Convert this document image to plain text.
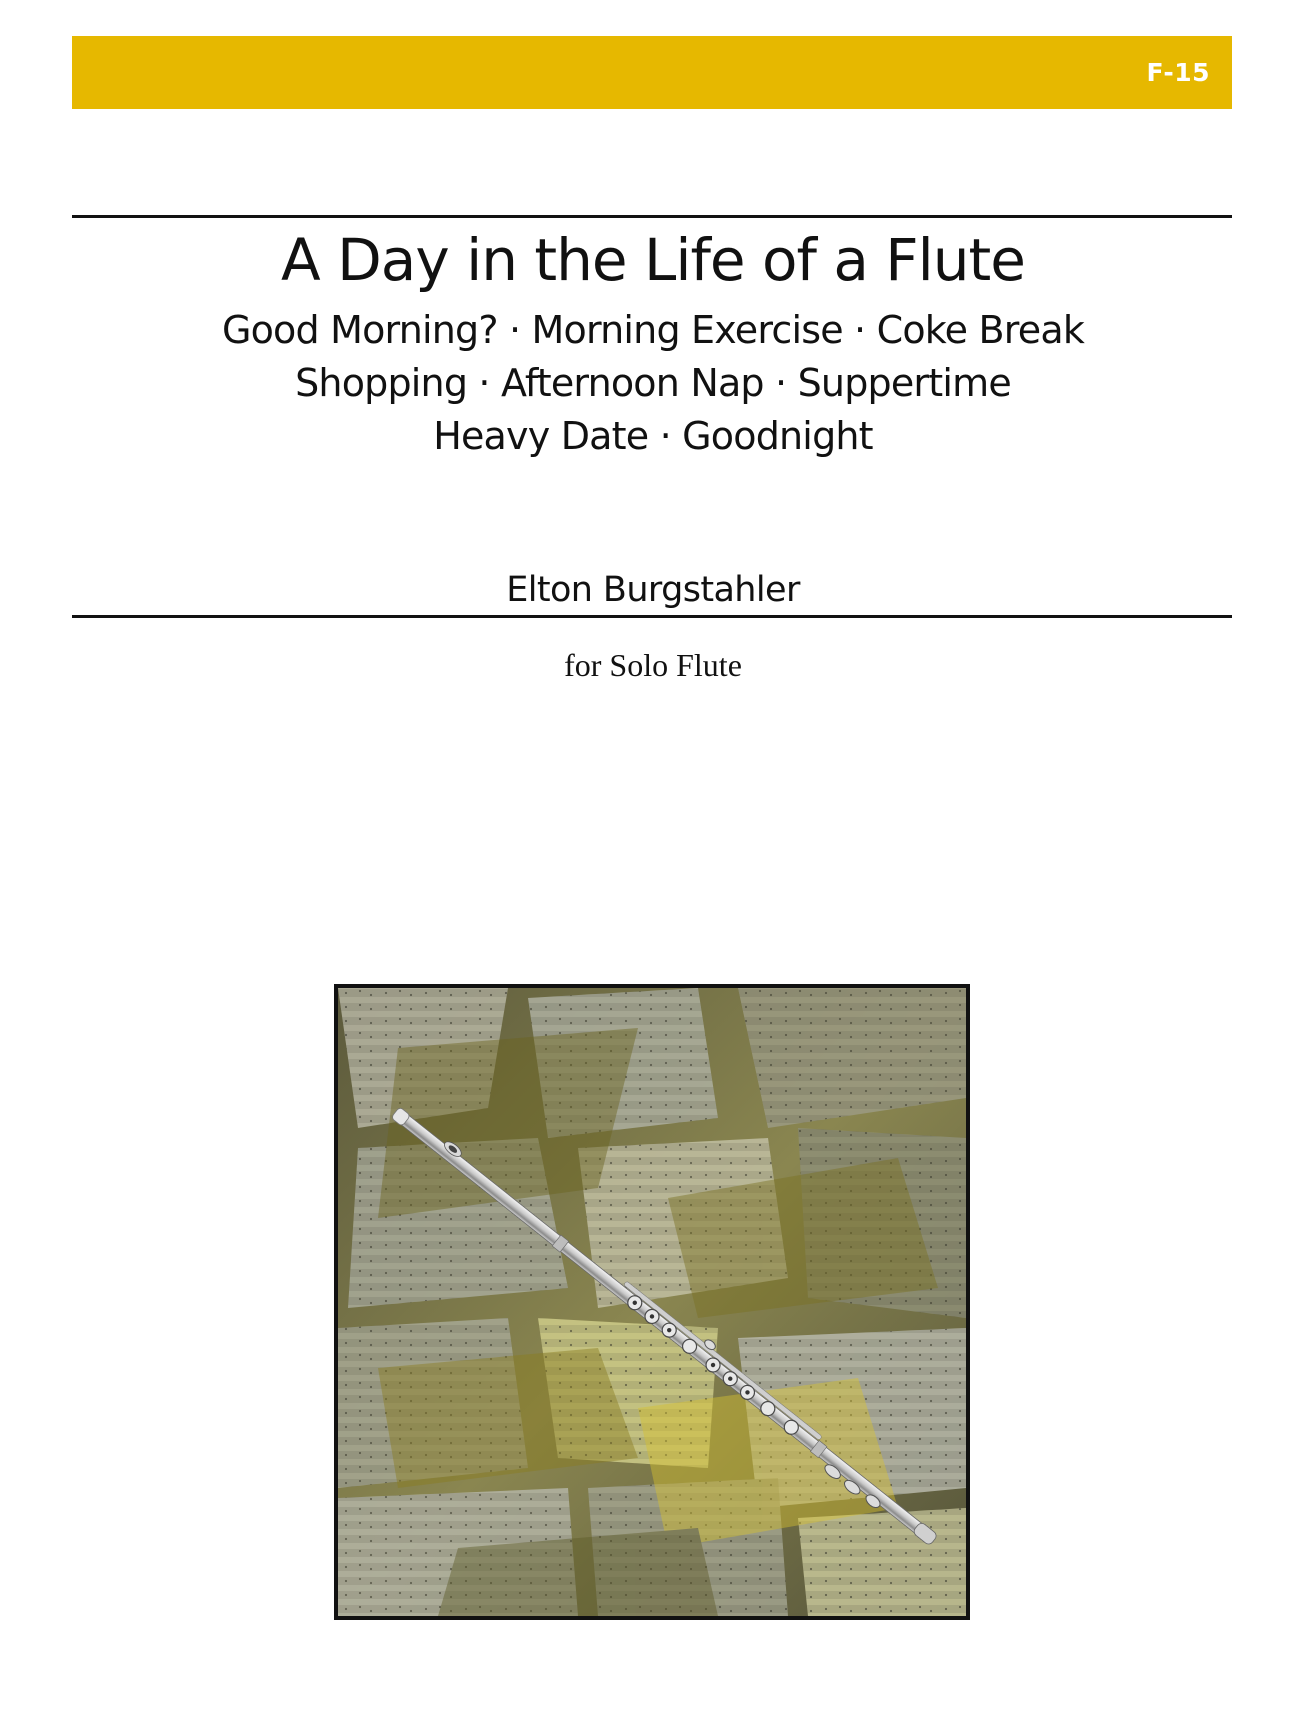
F-15
A Day in the Life of a Flute
Good Morning? · Morning Exercise · Coke Break
Shopping · Afternoon Nap · Suppertime
Heavy Date · Goodnight
Elton Burgstahler
for Solo Flute
